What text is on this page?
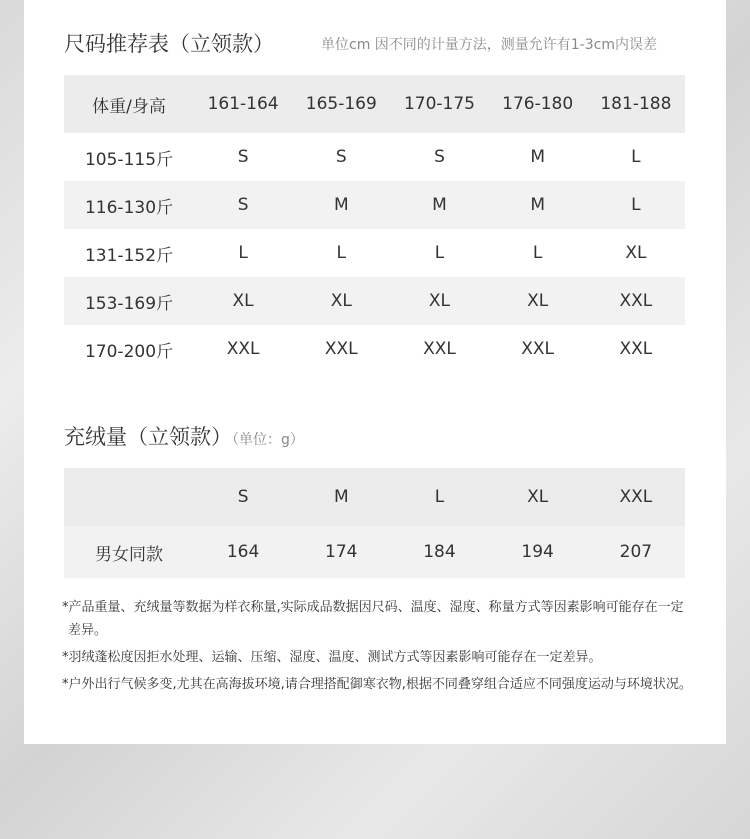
尺码推荐表（立领款）	单位cm 因不同的计量方法，测量允许有1-3cm内误差
体重/身高	161-164	165-169	170-175	176-180	181-188
105-115斤	S	S	S	M	L
116-130斤	S	M	M	M	L
131-152斤	L	L	L	L	XL
153-169斤	XL	XL	XL	XL	XXL
170-200斤	XXL	XXL	XXL	XXL	XXL
充绒量（立领款）（单位：g）
	S	M	L	XL	XXL
男女同款	164	174	184	194	207
*产品重量、充绒量等数据为样衣称量,实际成品数据因尺码、温度、湿度、称量方式等因素影响可能存在一定差异。
*羽绒蓬松度因拒水处理、运输、压缩、湿度、温度、测试方式等因素影响可能存在一定差异。
*户外出行气候多变,尤其在高海拔环境,请合理搭配御寒衣物,根据不同叠穿组合适应不同强度运动与环境状况。
